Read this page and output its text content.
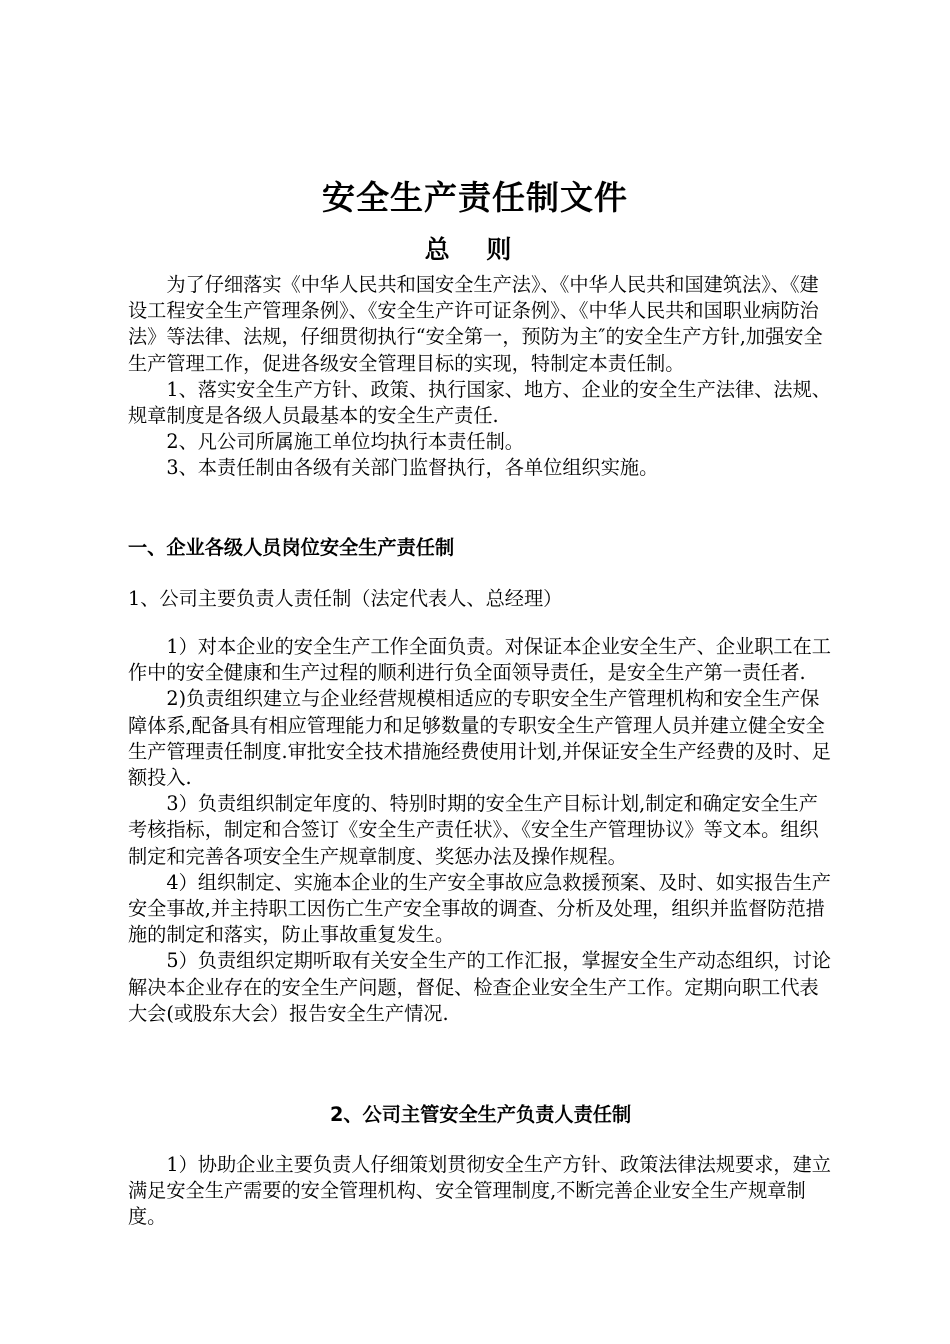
安全生产责任制文件
总 则

为了仔细落实《中华人民共和国安全生产法》、《中华人民共和国建筑法》、《建设工程安全生产管理条例》、《安全生产许可证条例》、《中华人民共和国职业病防治法》等法律、法规，仔细贯彻执行“安全第一，预防为主″的安全生产方针,加强安全生产管理工作，促进各级安全管理目标的实现，特制定本责任制。

1、落实安全生产方针、政策、执行国家、地方、企业的安全生产法律、法规、规章制度是各级人员最基本的安全生产责任.

2、凡公司所属施工单位均执行本责任制。

3、本责任制由各级有关部门监督执行，各单位组织实施。

一、企业各级人员岗位安全生产责任制
1、公司主要负责人责任制（法定代表人、总经理）

1）对本企业的安全生产工作全面负责。对保证本企业安全生产、企业职工在工作中的安全健康和生产过程的顺利进行负全面领导责任，是安全生产第一责任者.

2)负责组织建立与企业经营规模相适应的专职安全生产管理机构和安全生产保障体系,配备具有相应管理能力和足够数量的专职安全生产管理人员并建立健全安全生产管理责任制度.审批安全技术措施经费使用计划,并保证安全生产经费的及时、足额投入.

3）负责组织制定年度的、特别时期的安全生产目标计划,制定和确定安全生产考核指标，制定和合签订《安全生产责任状》、《安全生产管理协议》等文本。组织制定和完善各项安全生产规章制度、奖惩办法及操作规程。

4）组织制定、实施本企业的生产安全事故应急救援预案、及时、如实报告生产安全事故,并主持职工因伤亡生产安全事故的调查、分析及处理，组织并监督防范措施的制定和落实，防止事故重复发生。

5）负责组织定期听取有关安全生产的工作汇报，掌握安全生产动态组织，讨论解决本企业存在的安全生产问题，督促、检查企业安全生产工作。定期向职工代表大会(或股东大会）报告安全生产情况.

2、公司主管安全生产负责人责任制

1）协助企业主要负责人仔细策划贯彻安全生产方针、政策法律法规要求，建立满足安全生产需要的安全管理机构、安全管理制度,不断完善企业安全生产规章制度。
